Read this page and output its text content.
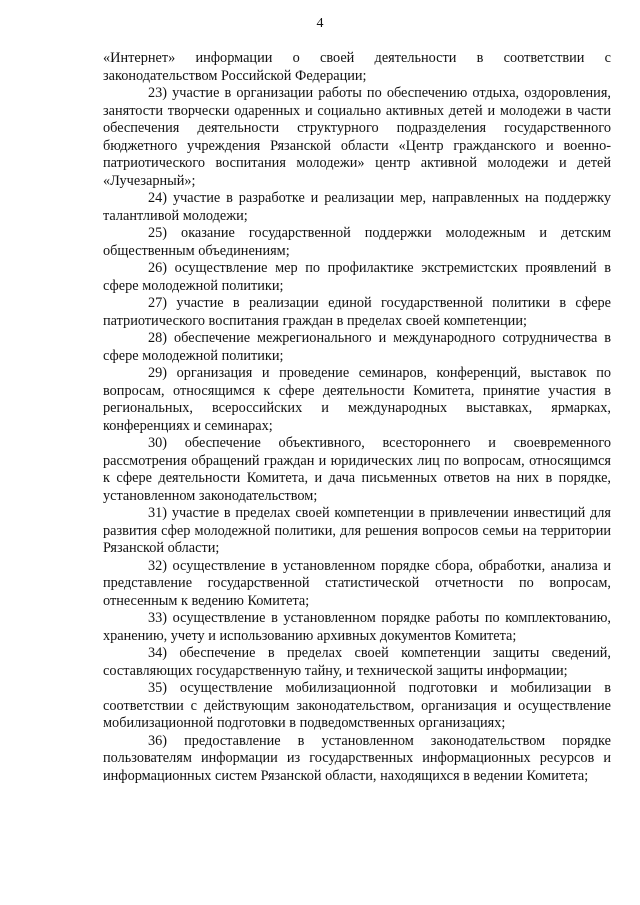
4

«Интернет» информации о своей деятельности в соответствии с законодательством Российской Федерации;

23) участие в организации работы по обеспечению отдыха, оздоровления, занятости творчески одаренных и социально активных детей и молодежи в части обеспечения деятельности структурного подразделения государственного бюджетного учреждения Рязанской области «Центр гражданского и военно-патриотического воспитания молодежи» центр активной молодежи и детей «Лучезарный»;

24) участие в разработке и реализации мер, направленных на поддержку талантливой молодежи;

25) оказание государственной поддержки молодежным и детским общественным объединениям;

26) осуществление мер по профилактике экстремистских проявлений в сфере молодежной политики;

27) участие в реализации единой государственной политики в сфере патриотического воспитания граждан в пределах своей компетенции;

28) обеспечение межрегионального и международного сотрудничества в сфере молодежной политики;

29) организация и проведение семинаров, конференций, выставок по вопросам, относящимся к сфере деятельности Комитета, принятие участия в региональных, всероссийских и международных выставках, ярмарках, конференциях и семинарах;

30) обеспечение объективного, всестороннего и своевременного рассмотрения обращений граждан и юридических лиц по вопросам, относящимся к сфере деятельности Комитета, и дача письменных ответов на них в порядке, установленном законодательством;

31) участие в пределах своей компетенции в привлечении инвестиций для развития сфер молодежной политики, для решения вопросов семьи на территории Рязанской области;

32) осуществление в установленном порядке сбора, обработки, анализа и представление государственной статистической отчетности по вопросам, отнесенным к ведению Комитета;

33) осуществление в установленном порядке работы по комплектованию, хранению, учету и использованию архивных документов Комитета;

34) обеспечение в пределах своей компетенции защиты сведений, составляющих государственную тайну, и технической защиты информации;

35) осуществление мобилизационной подготовки и мобилизации в соответствии с действующим законодательством, организация и осуществление мобилизационной подготовки в подведомственных организациях;

36) предоставление в установленном законодательством порядке пользователям информации из государственных информационных ресурсов и информационных систем Рязанской области, находящихся в ведении Комитета;
